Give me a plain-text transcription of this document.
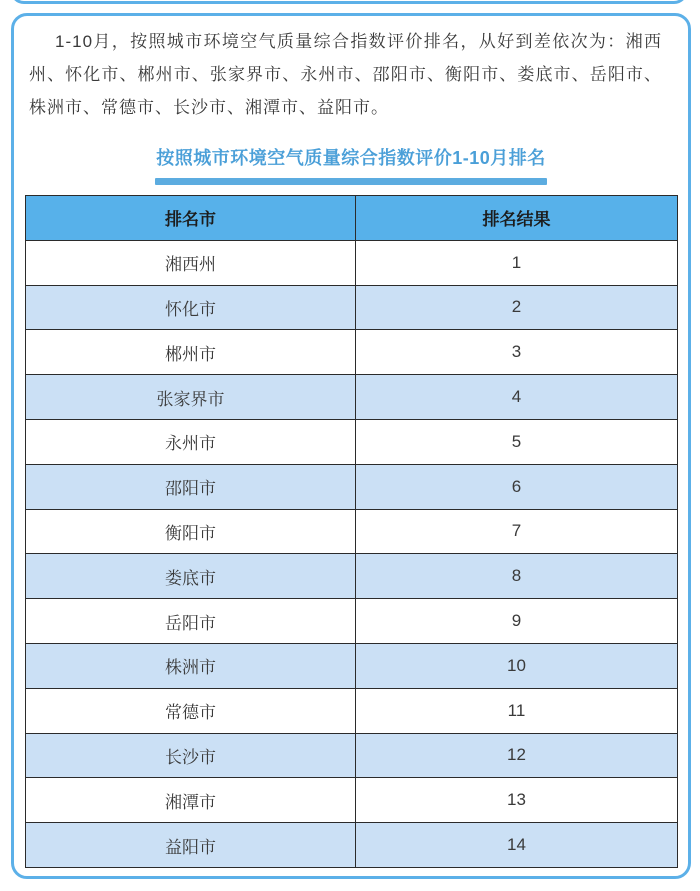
1-10月，按照城市环境空气质量综合指数评价排名，从好到差依次为：湘西州、怀化市、郴州市、张家界市、永州市、邵阳市、衡阳市、娄底市、岳阳市、株洲市、常德市、长沙市、湘潭市、益阳市。

按照城市环境空气质量综合指数评价1-10月排名
排名市	排名结果
湘西州	1
怀化市	2
郴州市	3
张家界市	4
永州市	5
邵阳市	6
衡阳市	7
娄底市	8
岳阳市	9
株洲市	10
常德市	11
长沙市	12
湘潭市	13
益阳市	14
